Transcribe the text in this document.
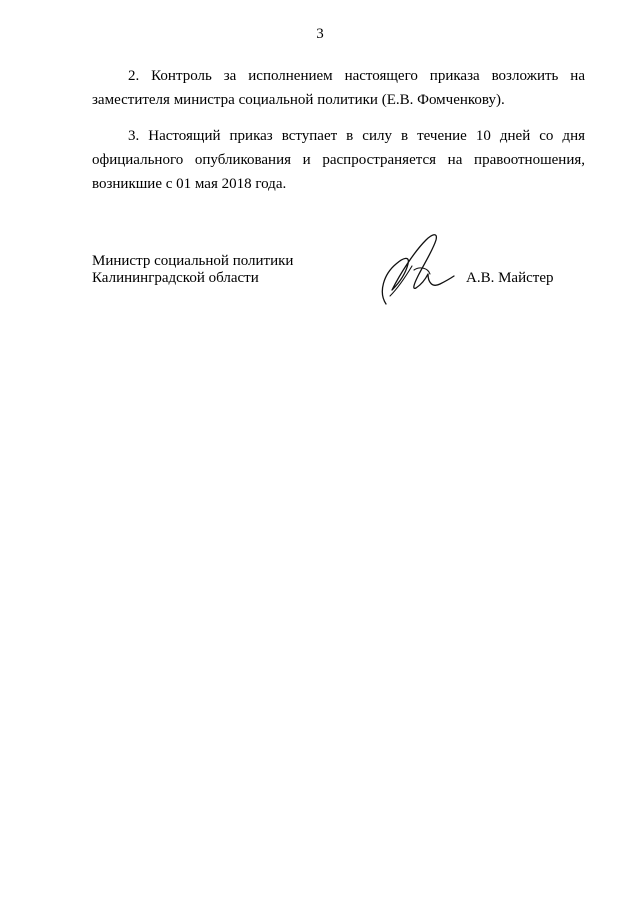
3

2. Контроль за исполнением настоящего приказа возложить на заместителя министра социальной политики (Е.В. Фомченкову).

3. Настоящий приказ вступает в силу в течение 10 дней со дня официального опубликования и распространяется на правоотношения, возникшие с 01 мая 2018 года.

Министр социальной политики
Калининградской области	А.В. Майстер
